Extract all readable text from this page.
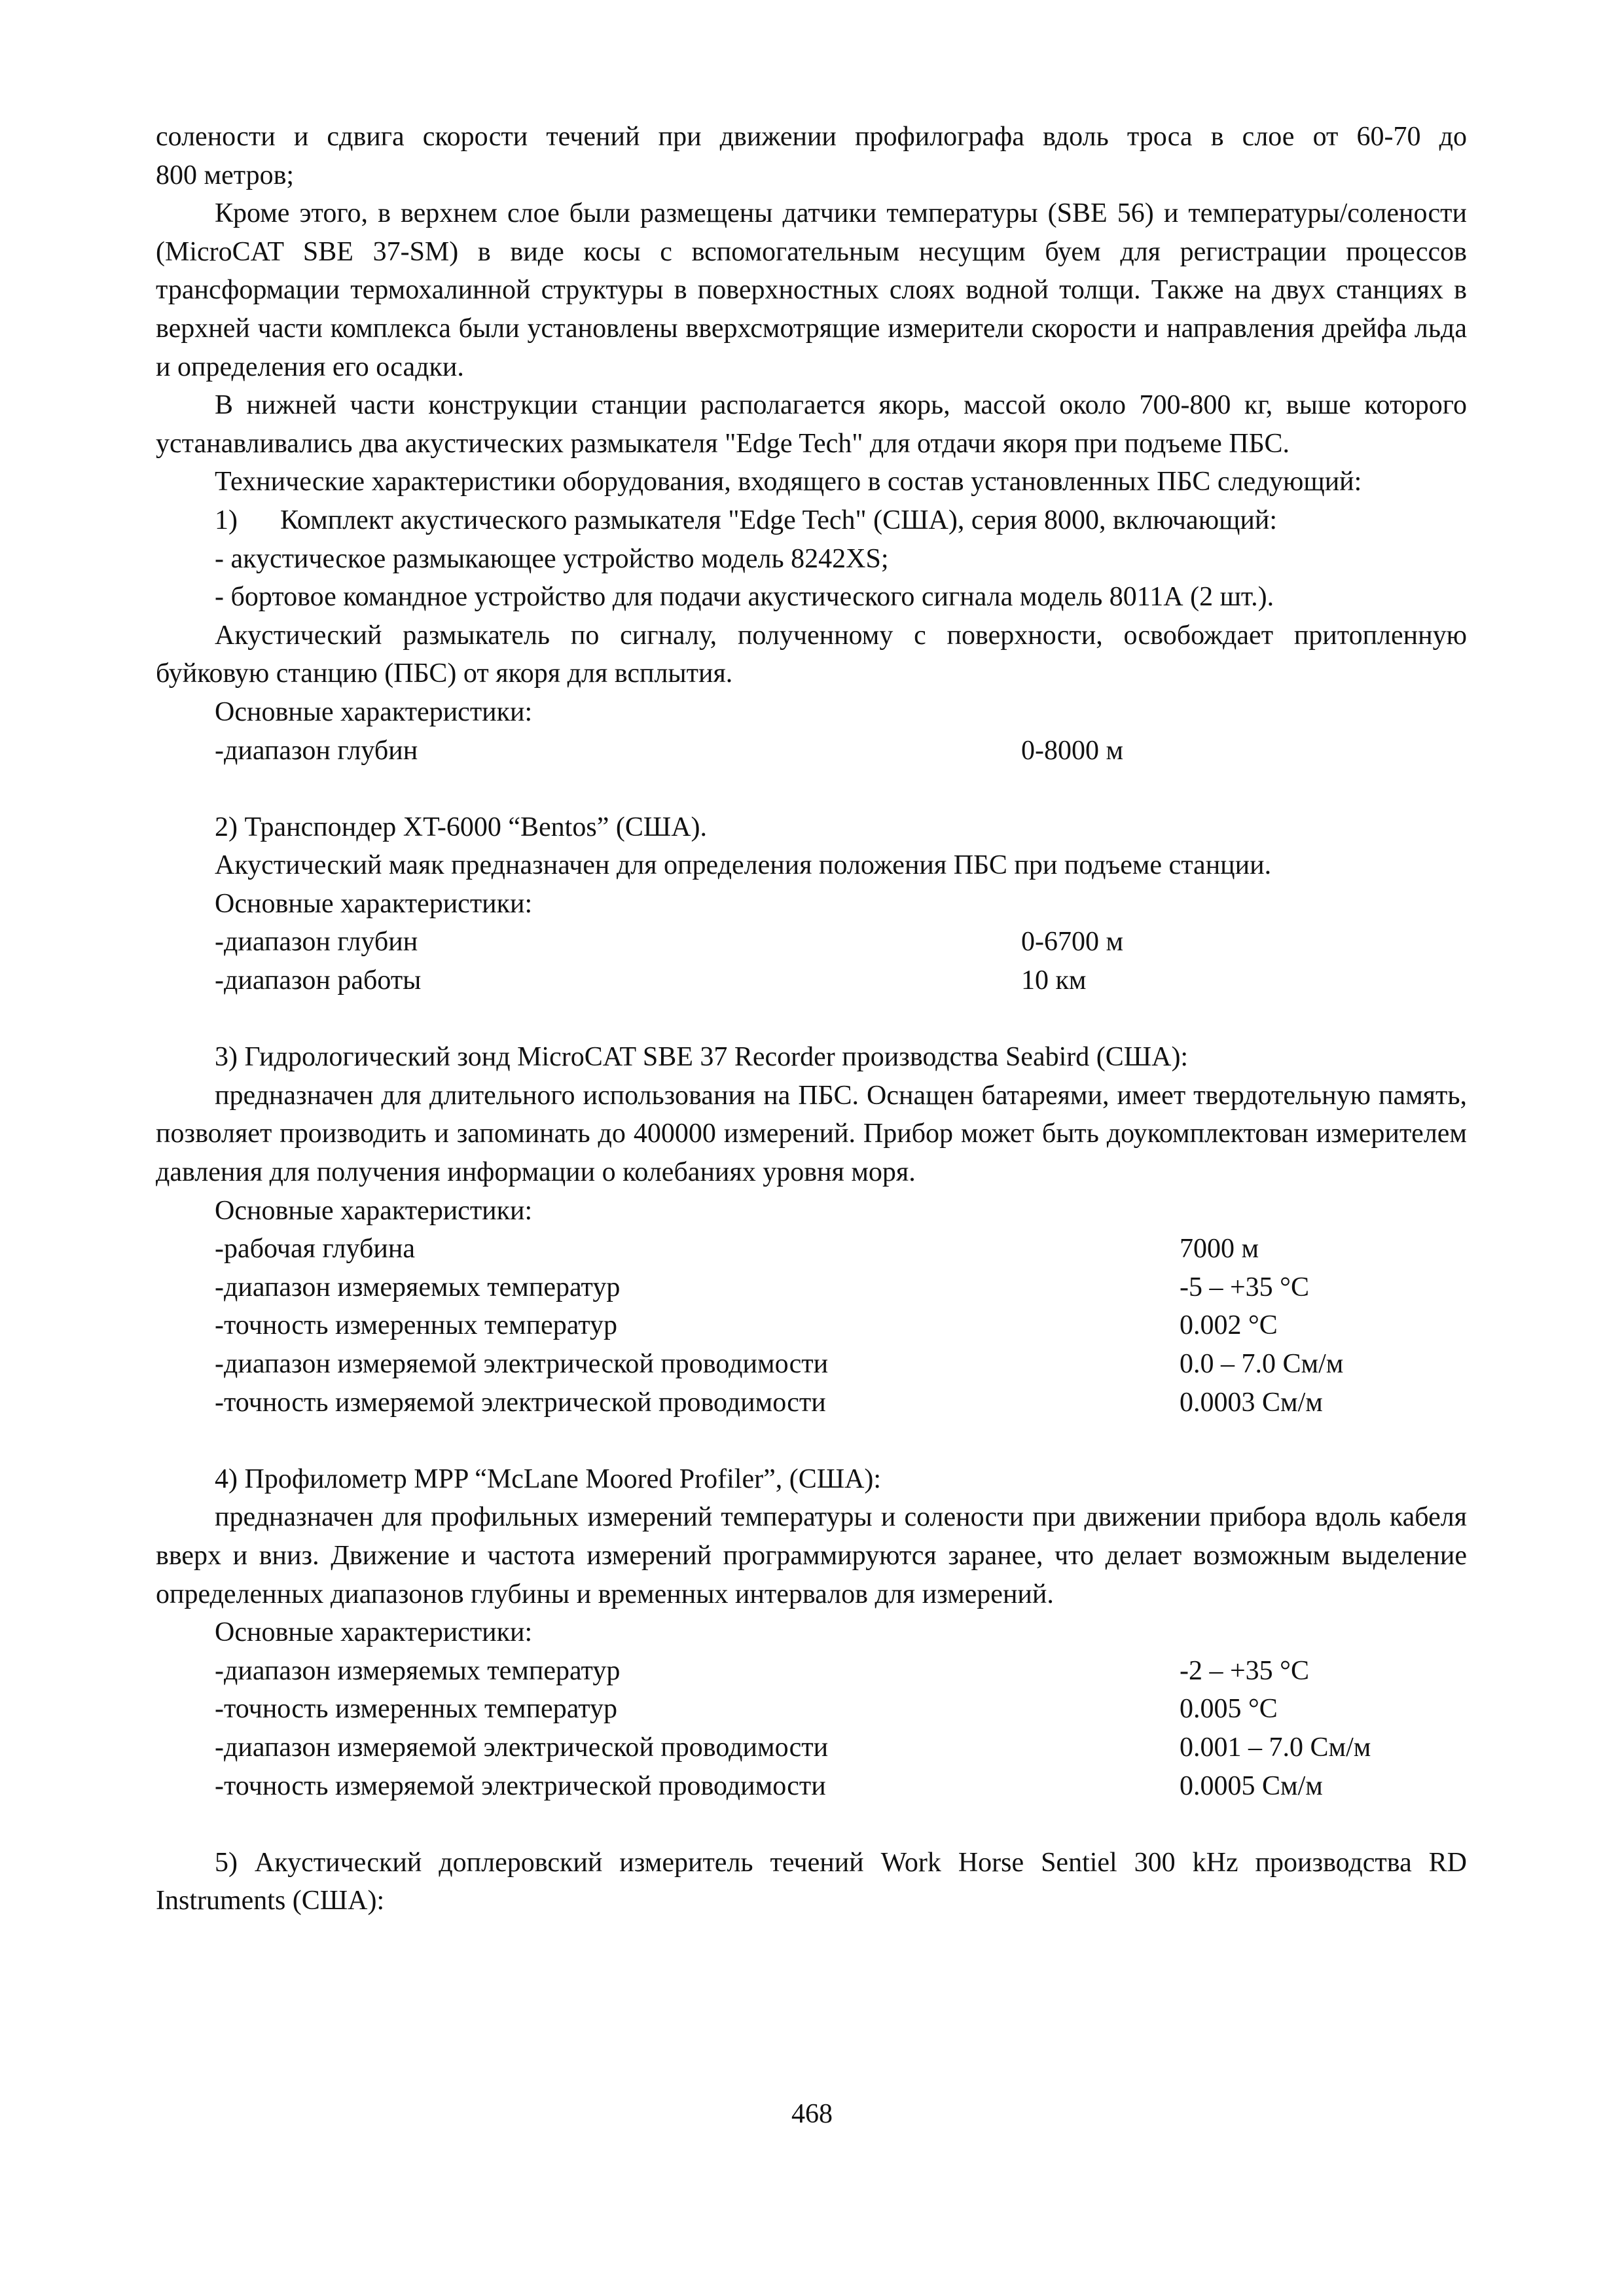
солености и сдвига скорости течений при движении профилографа вдоль троса в слое от 60-70 до

800 метров;

Кроме этого, в верхнем слое были размещены датчики температуры (SBE 56) и температуры/солености (MicroCAT SBE 37-SM) в виде косы с вспомогательным несущим буем для регистрации процессов трансформации термохалинной структуры в поверхностных слоях водной толщи. Также на двух станциях в верхней части комплекса были установлены вверхсмотрящие измерители скорости и направления дрейфа льда и определения его осадки.

В нижней части конструкции станции располагается якорь, массой около 700-800 кг, выше которого устанавливались два акустических размыкателя "Edge Tech" для отдачи якоря при подъеме ПБС.

Технические характеристики оборудования, входящего в состав установленных ПБС следующий:

1) Комплект акустического размыкателя "Edge Tech" (США), серия 8000, включающий:

- акустическое размыкающее устройство модель 8242XS;

- бортовое командное устройство для подачи акустического сигнала модель 8011А (2 шт.).

Акустический размыкатель по сигналу, полученному с поверхности, освобождает притопленную буйковую станцию (ПБС) от якоря для всплытия.

Основные характеристики:

-диапазон глубин	0-8000 м

2) Транспондер XT-6000 “Bentos” (США).

Акустический маяк предназначен для определения положения ПБС при подъеме станции.

Основные характеристики:

-диапазон глубин	0-6700 м
-диапазон работы	10 км

3) Гидрологический зонд MicroCAT SBE 37 Recorder производства Seabird (США):

предназначен для длительного использования на ПБС. Оснащен батареями, имеет твердотельную память, позволяет производить и запоминать до 400000 измерений. Прибор может быть доукомплектован измерителем давления для получения информации о колебаниях уровня моря.

Основные характеристики:

-рабочая глубина	7000 м
-диапазон измеряемых температур	-5 – +35 °С
-точность измеренных температур	0.002 °С
-диапазон измеряемой электрической проводимости	0.0 – 7.0 См/м
-точность измеряемой электрической проводимости	0.0003 См/м

4) Профилометр MPP “McLane Moored Profiler”, (США):

предназначен для профильных измерений температуры и солености при движении прибора вдоль кабеля вверх и вниз. Движение и частота измерений программируются заранее, что делает возможным выделение определенных диапазонов глубины и временных интервалов для измерений.

Основные характеристики:

-диапазон измеряемых температур	-2 – +35 °С
-точность измеренных температур	0.005 °С
-диапазон измеряемой электрической проводимости	0.001 – 7.0 См/м
-точность измеряемой электрической проводимости	0.0005 См/м

5) Акустический доплеровский измеритель течений Work Horse Sentiel 300 kHz производства RD Instruments (США):

468
